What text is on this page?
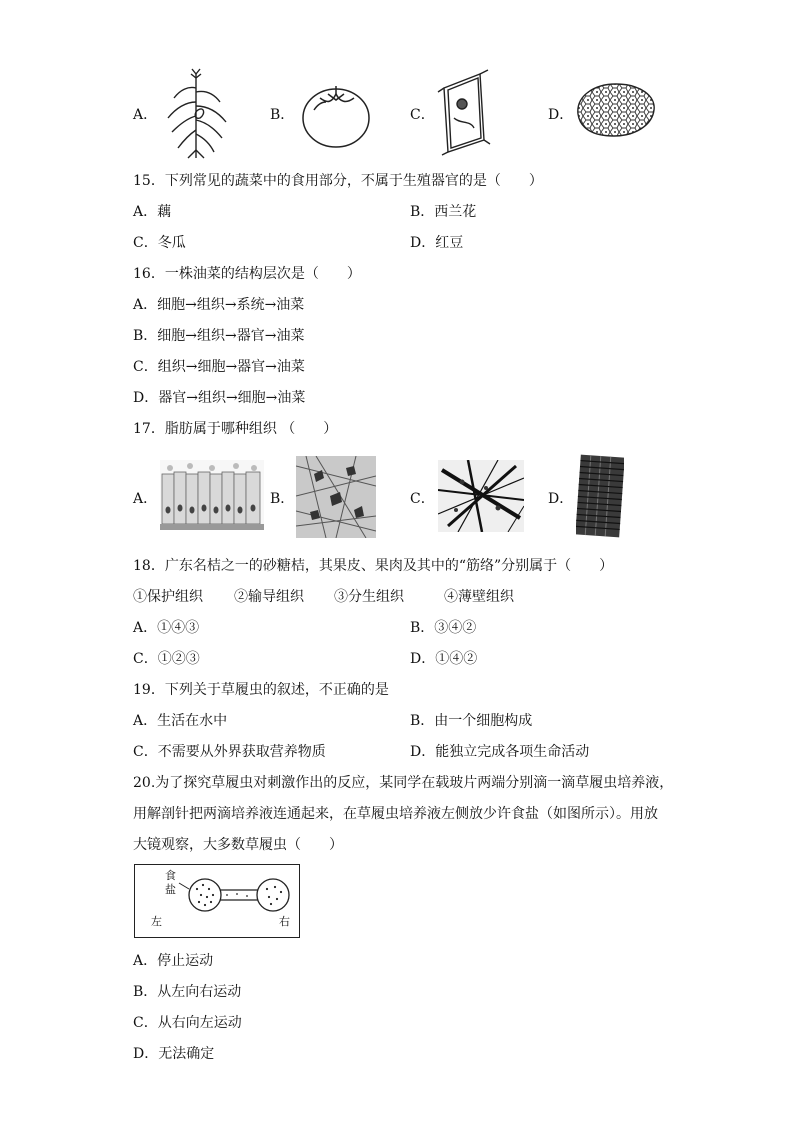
A．	B．	C．	D．
15．下列常见的蔬菜中的食用部分，不属于生殖器官的是（　　）
A．藕	B．西兰花
C．冬瓜	D．红豆
16．一株油菜的结构层次是（　　）
A．细胞→组织→系统→油菜
B．细胞→组织→器官→油菜
C．组织→细胞→器官→油菜
D．器官→组织→细胞→油菜
17．脂肪属于哪种组织 （　　）
A．	B．	C．	D．
18．广东名桔之一的砂糖桔，其果皮、果肉及其中的“筋络”分别属于（　　）
①保护组织 ②输导组织 ③分生组织	④薄壁组织
A．①④③	B．③④②
C．①②③	D．①④②
19．下列关于草履虫的叙述，不正确的是
A．生活在水中	B．由一个细胞构成
C．不需要从外界获取营养物质	D．能独立完成各项生命活动
20.为了探究草履虫对刺激作出的反应，某同学在载玻片两端分别滴一滴草履虫培养液，
用解剖针把两滴培养液连通起来，在草履虫培养液左侧放少许食盐（如图所示）。用放
大镜观察，大多数草履虫（　　）
食
盐
左	右
A．停止运动
B．从左向右运动
C．从右向左运动
D．无法确定
